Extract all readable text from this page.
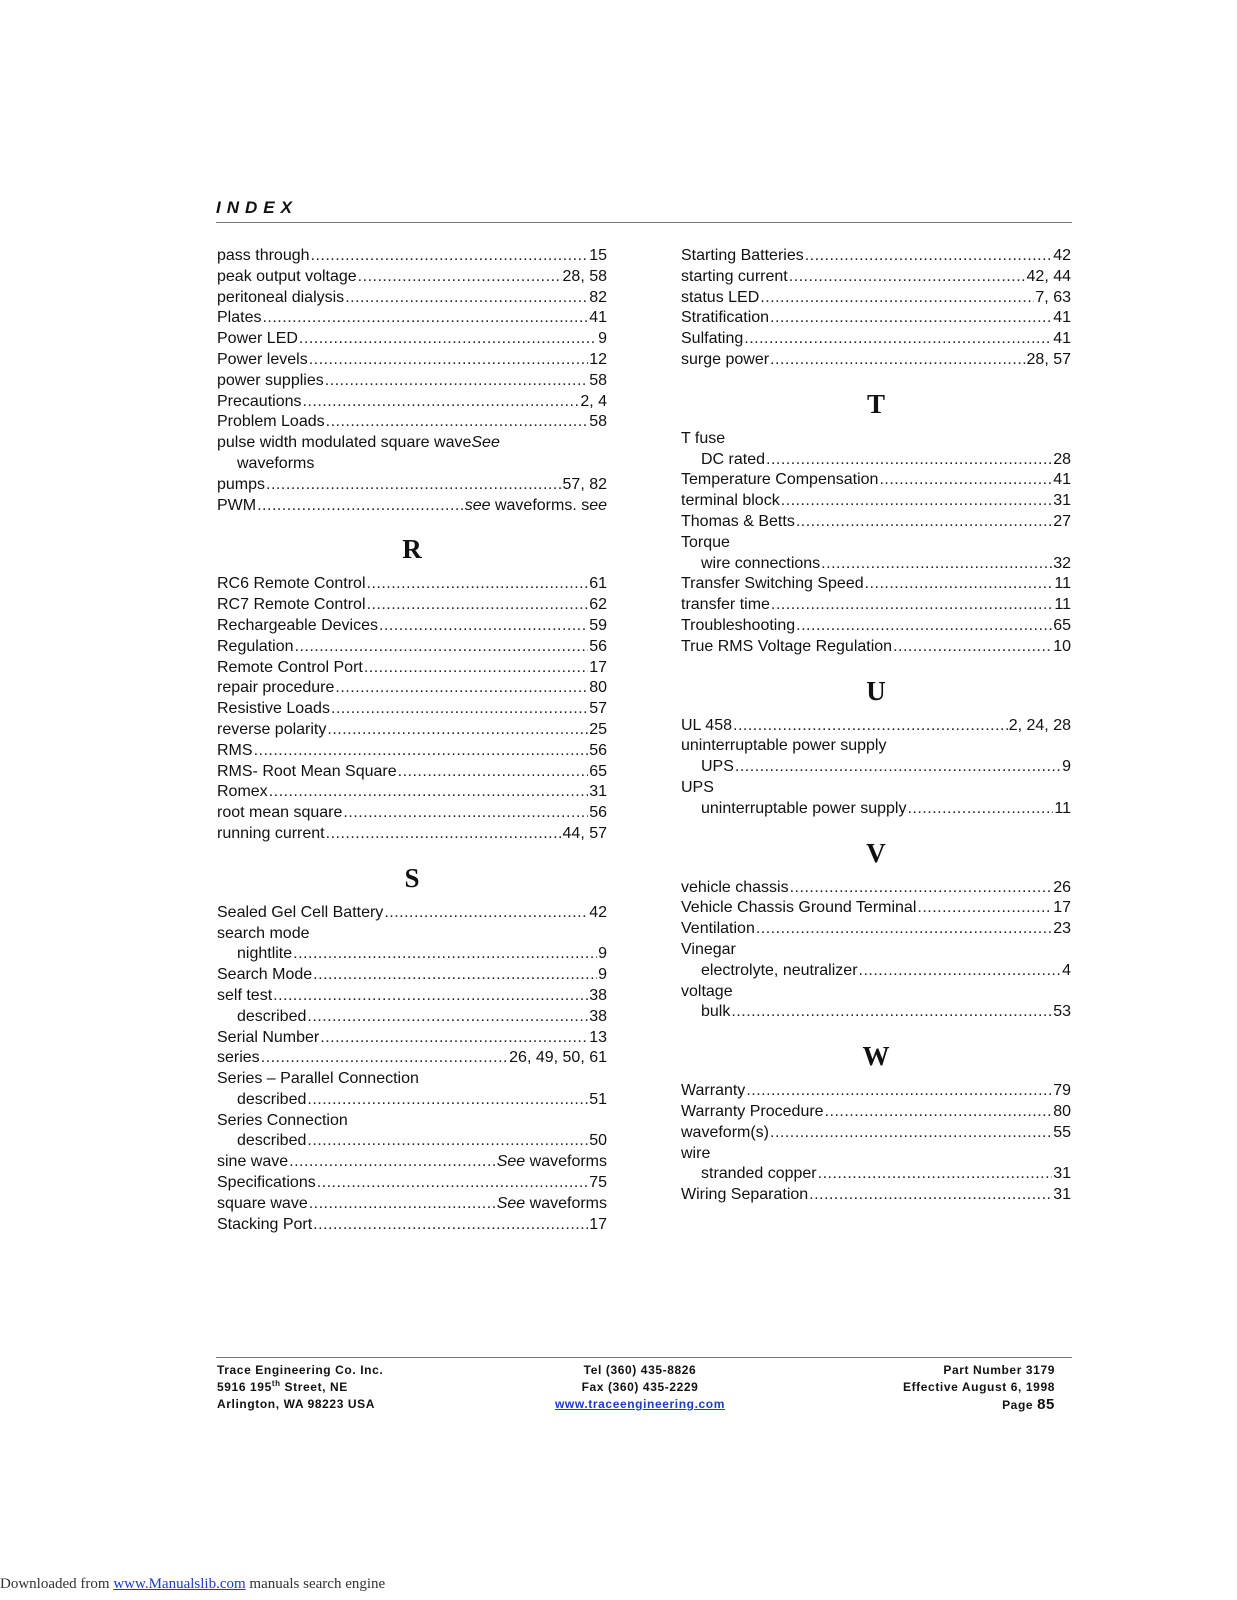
INDEX
pass through .....	15
peak output voltage .....	28, 58
peritoneal dialysis .....	82
Plates .....	41
Power LED .....	9
Power levels .....	12
power supplies .....	58
Precautions .....	2, 4
Problem Loads .....	58
pulse width modulated square waveSee
waveforms
pumps .....	57, 82
PWM .....	see waveforms. see
R
RC6 Remote Control .....	61
RC7 Remote Control .....	62
Rechargeable Devices .....	59
Regulation .....	56
Remote Control Port .....	17
repair procedure .....	80
Resistive Loads .....	57
reverse polarity .....	25
RMS .....	56
RMS- Root Mean Square .....	65
Romex .....	31
root mean square .....	56
running current .....	44, 57
S
Sealed Gel Cell Battery .....	42
search mode
nightlite .....	9
Search Mode .....	9
self test .....	38
described .....	38
Serial Number .....	13
series .....	26, 49, 50, 61
Series – Parallel Connection
described .....	51
Series Connection
described .....	50
sine wave .....	See waveforms
Specifications .....	75
square wave .....	See waveforms
Stacking Port .....	17
Starting Batteries .....	42
starting current .....	42, 44
status LED .....	7, 63
Stratification .....	41
Sulfating .....	41
surge power .....	28, 57
T
T fuse
DC rated .....	28
Temperature Compensation .....	41
terminal block .....	31
Thomas & Betts .....	27
Torque
wire connections .....	32
Transfer Switching Speed .....	11
transfer time .....	11
Troubleshooting .....	65
True RMS Voltage Regulation .....	10
U
UL 458 .....	2, 24, 28
uninterruptable power supply
UPS .....	9
UPS
uninterruptable power supply .....	11
V
vehicle chassis .....	26
Vehicle Chassis Ground Terminal .....	17
Ventilation .....	23
Vinegar
electrolyte, neutralizer .....	4
voltage
bulk .....	53
W
Warranty .....	79
Warranty Procedure .....	80
waveform(s) .....	55
wire
stranded copper .....	31
Wiring Separation .....	31
Trace Engineering Co. Inc.
5916 195th Street, NE
Arlington, WA 98223 USA
Tel (360) 435-8826
Fax (360) 435-2229
www.traceengineering.com
Part Number 3179
Effective August 6, 1998
Page 85
Downloaded from www.Manualslib.com manuals search engine
